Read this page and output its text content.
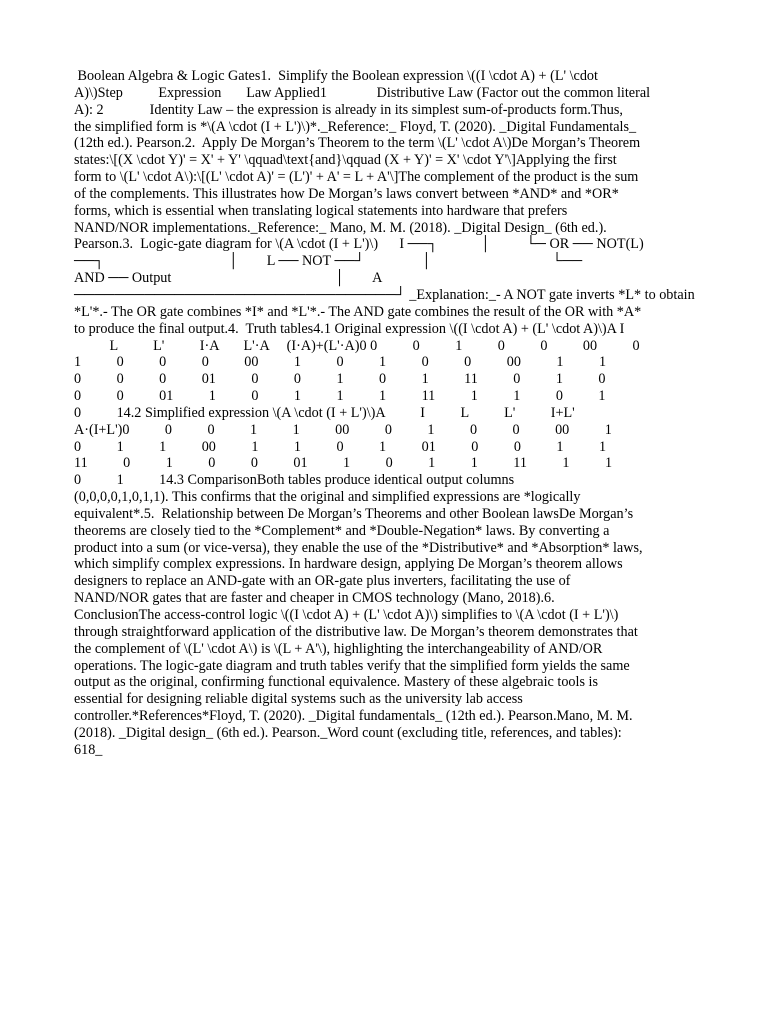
Boolean Algebra & Logic Gates1.  Simplify the Boolean expression \((I \cdot A) + (L' \cdot
A)\)Step          Expression       Law Applied1              Distributive Law (Factor out the common literal
A): 2             Identity Law – the expression is already in its simplest sum-of-products form.Thus,
the simplified form is *\(A \cdot (I + L')\)*._Reference:_ Floyd, T. (2020). _Digital Fundamentals_
(12th ed.). Pearson.2.  Apply De Morgan’s Theorem to the term \(L' \cdot A\)De Morgan’s Theorem
states:\[(X \cdot Y)' = X' + Y' \qquad\text{and}\qquad (X + Y)' = X' \cdot Y'\]Applying the first
form to \(L' \cdot A\):\[(L' \cdot A)' = (L')' + A' = L + A'\]The complement of the product is the sum
of the complements. This illustrates how De Morgan’s laws convert between *AND* and *OR*
forms, which is essential when translating logical statements into hardware that prefers
NAND/NOR implementations._Reference:_ Mano, M. M. (2018). _Digital Design_ (6th ed.).
Pearson.3.  Logic-gate diagram for \(A \cdot (I + L')\)      I ──┐            │          └─ OR ── NOT(L)
──┐                                   │        L ── NOT ──┘                │                                  └──
AND ── Output                                              │        A
────────────────────────────────┘ _Explanation:_- A NOT gate inverts *L* to obtain
*L'*.- The OR gate combines *I* and *L'*.- The AND gate combines the result of the OR with *A*
to produce the final output.4.  Truth tables4.1 Original expression \((I \cdot A) + (L' \cdot A)\)A I
L          L'          I·A       L'·A     (I·A)+(L'·A)0 0          0          1          0          0          00          0
1          0          0          0          00          1          0          1          0          0          00          1          1
0          0          0          01          0          0          1          0          1          11          0          1          0
0          0          01          1          0          1          1          1          11          1          1          0          1
0          14.2 Simplified expression \(A \cdot (I + L')\)A          I          L          L'          I+L'
A·(I+L')0          0          0          1          1          00          0          1          0          0          00          1
0          1          1          00          1          1          0          1          01          0          0          1          1
11          0          1          0          0          01          1          0          1          1          11          1          1
0          1          14.3 ComparisonBoth tables produce identical output columns
(0,0,0,0,1,0,1,1). This confirms that the original and simplified expressions are *logically
equivalent*.5.  Relationship between De Morgan’s Theorems and other Boolean lawsDe Morgan’s
theorems are closely tied to the *Complement* and *Double-Negation* laws. By converting a
product into a sum (or vice-versa), they enable the use of the *Distributive* and *Absorption* laws,
which simplify complex expressions. In hardware design, applying De Morgan’s theorem allows
designers to replace an AND-gate with an OR-gate plus inverters, facilitating the use of
NAND/NOR gates that are faster and cheaper in CMOS technology (Mano, 2018).6.
ConclusionThe access-control logic \((I \cdot A) + (L' \cdot A)\) simplifies to \(A \cdot (I + L')\)
through straightforward application of the distributive law. De Morgan’s theorem demonstrates that
the complement of \(L' \cdot A\) is \(L + A'\), highlighting the interchangeability of AND/OR
operations. The logic-gate diagram and truth tables verify that the simplified form yields the same
output as the original, confirming functional equivalence. Mastery of these algebraic tools is
essential for designing reliable digital systems such as the university lab access
controller.*References*Floyd, T. (2020). _Digital fundamentals_ (12th ed.). Pearson.Mano, M. M.
(2018). _Digital design_ (6th ed.). Pearson._Word count (excluding title, references, and tables):
618_
